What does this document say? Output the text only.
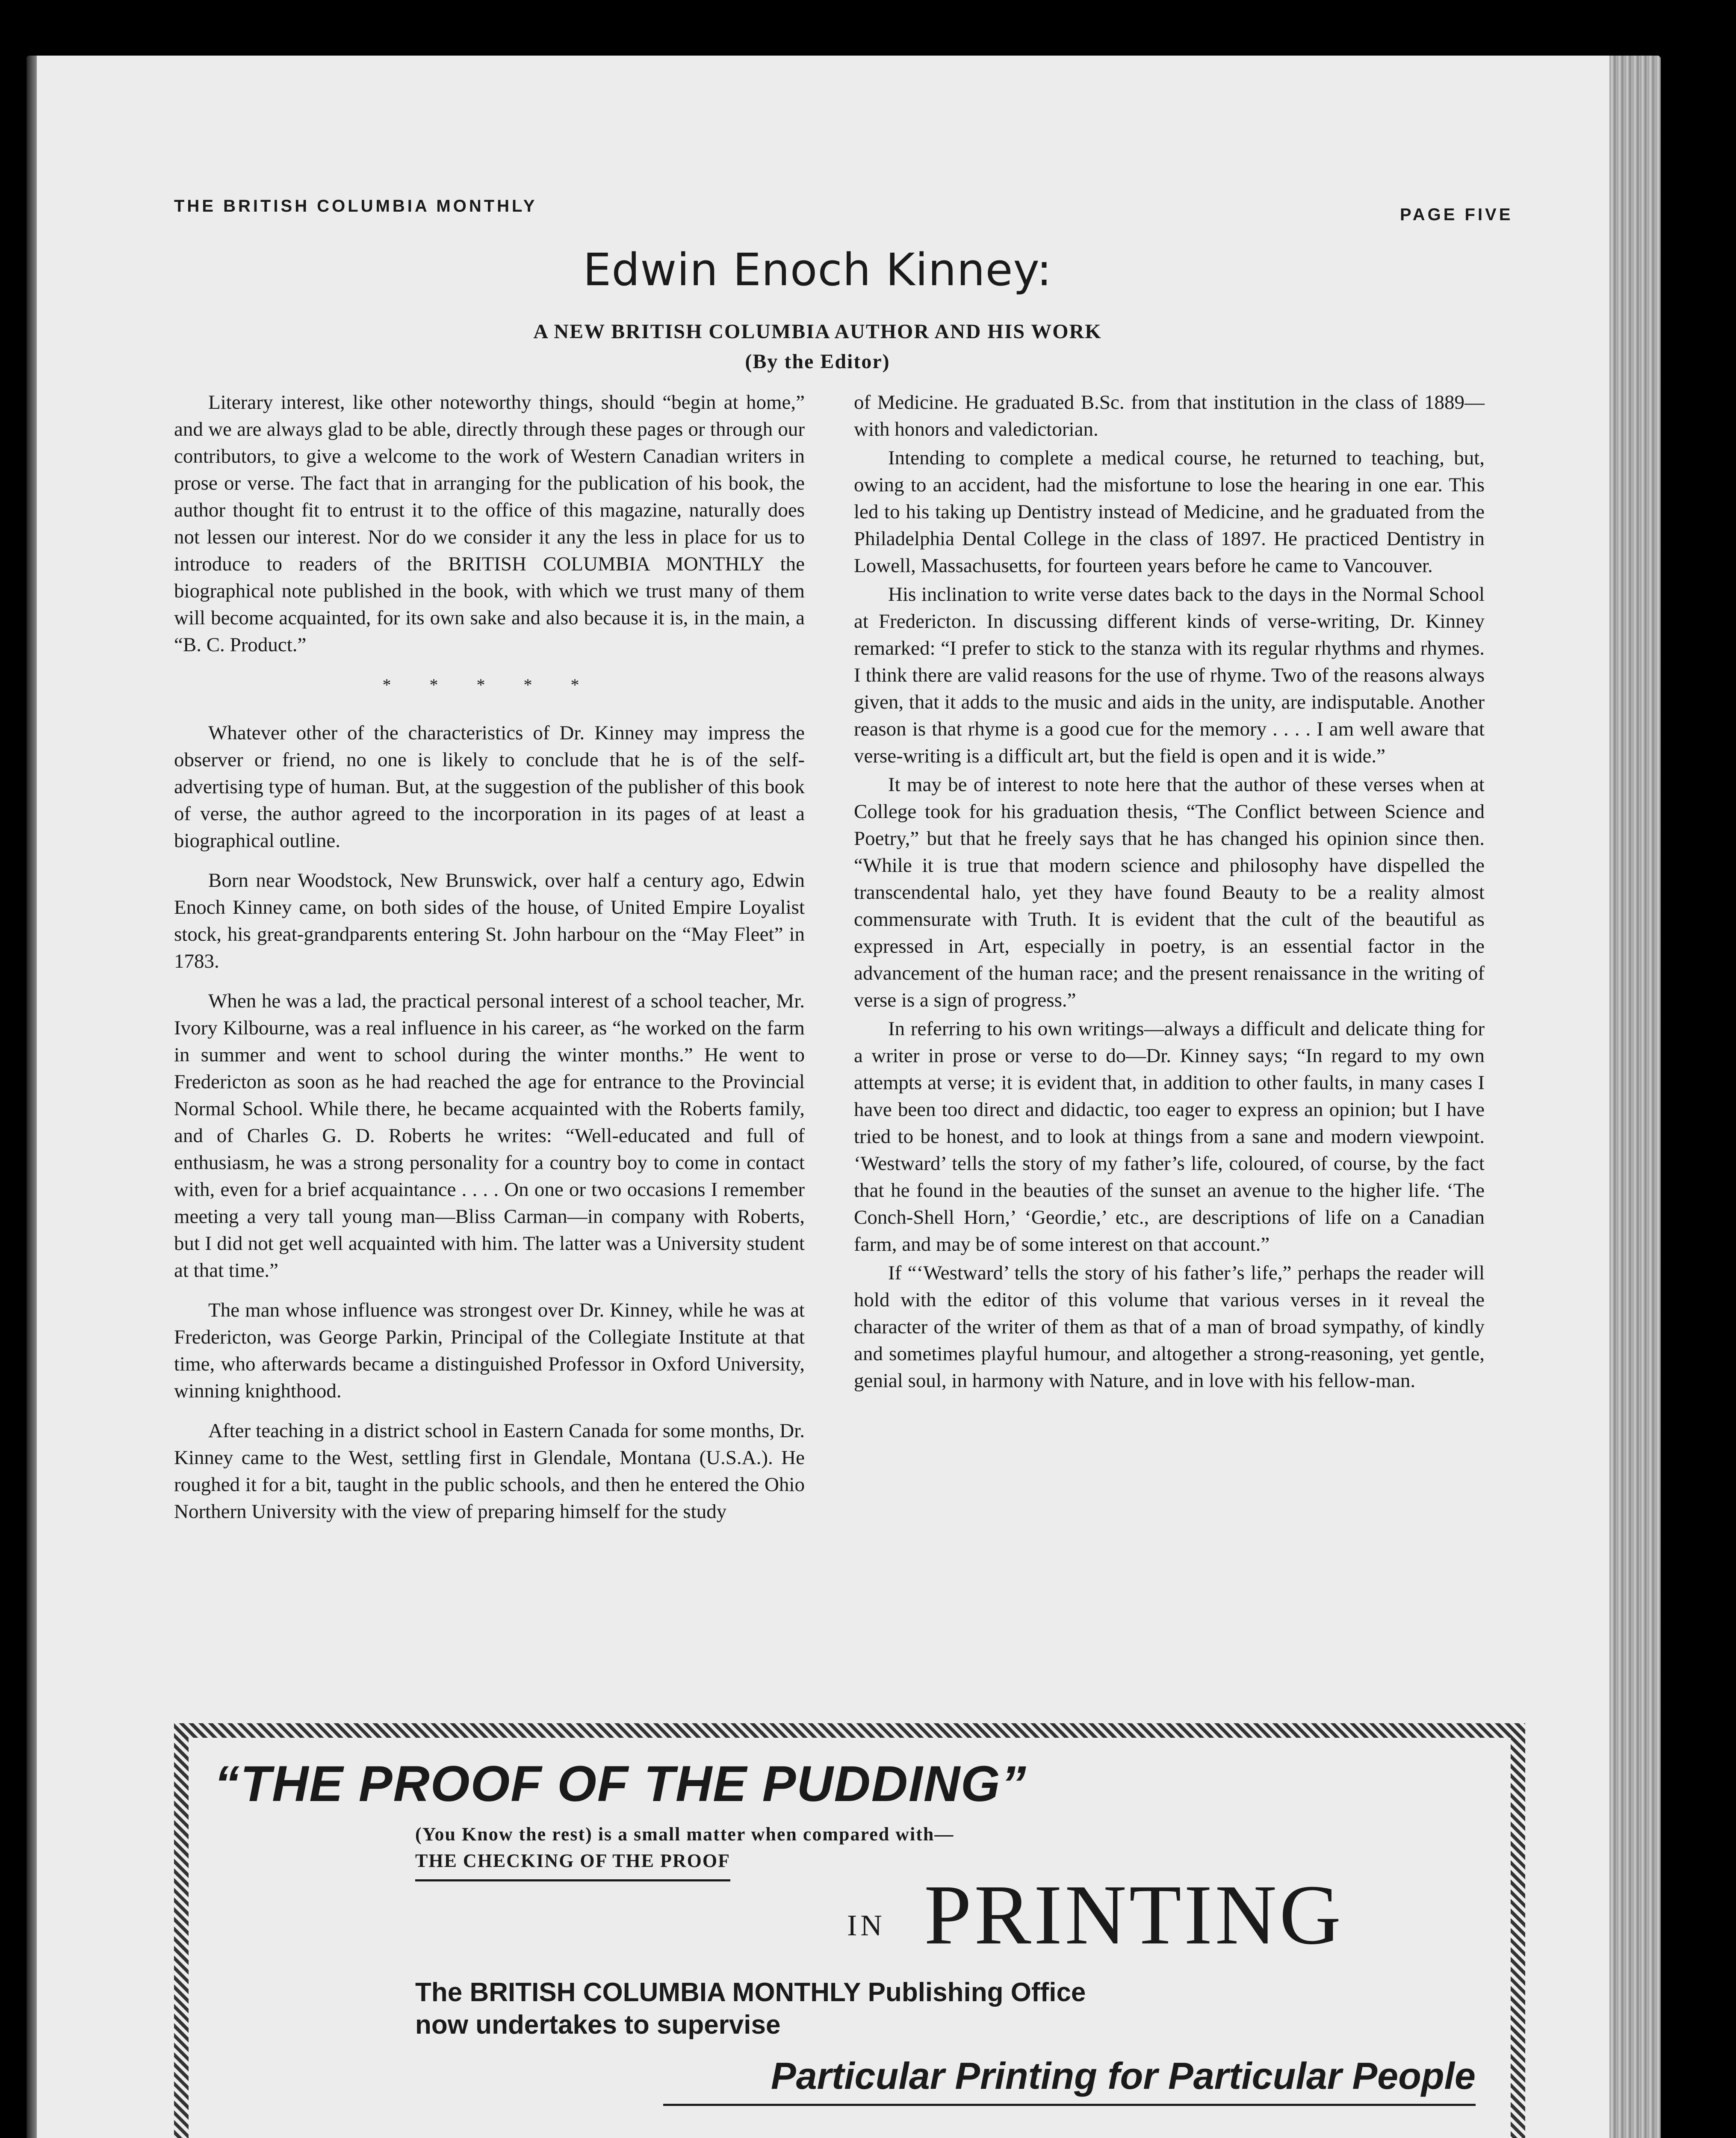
THE BRITISH COLUMBIA MONTHLY	PAGE FIVE
Edwin Enoch Kinney:
A NEW BRITISH COLUMBIA AUTHOR AND HIS WORK
(By the Editor)

Literary interest, like other noteworthy things, should “begin at home,” and we are always glad to be able, directly through these pages or through our contributors, to give a welcome to the work of Western Canadian writers in prose or verse. The fact that in arranging for the publication of his book, the author thought fit to entrust it to the office of this magazine, naturally does not lessen our interest. Nor do we consider it any the less in place for us to introduce to readers of the BRITISH COLUMBIA MONTHLY the biographical note published in the book, with which we trust many of them will become acquainted, for its own sake and also because it is, in the main, a “B. C. Product.”

* * * * *

Whatever other of the characteristics of Dr. Kinney may impress the observer or friend, no one is likely to conclude that he is of the self-advertising type of human. But, at the suggestion of the publisher of this book of verse, the author agreed to the incorporation in its pages of at least a biographical outline.

Born near Woodstock, New Brunswick, over half a century ago, Edwin Enoch Kinney came, on both sides of the house, of United Empire Loyalist stock, his great-grandparents entering St. John harbour on the “May Fleet” in 1783.

When he was a lad, the practical personal interest of a school teacher, Mr. Ivory Kilbourne, was a real influence in his career, as “he worked on the farm in summer and went to school during the winter months.” He went to Fredericton as soon as he had reached the age for entrance to the Provincial Normal School. While there, he became acquainted with the Roberts family, and of Charles G. D. Roberts he writes: “Well-educated and full of enthusiasm, he was a strong personality for a country boy to come in contact with, even for a brief acquaintance . . . . On one or two occasions I remember meeting a very tall young man—Bliss Carman—in company with Roberts, but I did not get well acquainted with him. The latter was a University student at that time.”

The man whose influence was strongest over Dr. Kinney, while he was at Fredericton, was George Parkin, Principal of the Collegiate Institute at that time, who afterwards became a distinguished Professor in Oxford University, winning knighthood.

After teaching in a district school in Eastern Canada for some months, Dr. Kinney came to the West, settling first in Glendale, Montana (U.S.A.). He roughed it for a bit, taught in the public schools, and then he entered the Ohio Northern University with the view of preparing himself for the study

of Medicine. He graduated B.Sc. from that institution in the class of 1889—with honors and valedictorian.

Intending to complete a medical course, he returned to teaching, but, owing to an accident, had the misfortune to lose the hearing in one ear. This led to his taking up Dentistry instead of Medicine, and he graduated from the Philadelphia Dental College in the class of 1897. He practiced Dentistry in Lowell, Massachusetts, for fourteen years before he came to Vancouver.

His inclination to write verse dates back to the days in the Normal School at Fredericton. In discussing different kinds of verse-writing, Dr. Kinney remarked: “I prefer to stick to the stanza with its regular rhythms and rhymes. I think there are valid reasons for the use of rhyme. Two of the reasons always given, that it adds to the music and aids in the unity, are indisputable. Another reason is that rhyme is a good cue for the memory . . . . I am well aware that verse-writing is a difficult art, but the field is open and it is wide.”

It may be of interest to note here that the author of these verses when at College took for his graduation thesis, “The Conflict between Science and Poetry,” but that he freely says that he has changed his opinion since then. “While it is true that modern science and philosophy have dispelled the transcendental halo, yet they have found Beauty to be a reality almost commensurate with Truth. It is evident that the cult of the beautiful as expressed in Art, especially in poetry, is an essential factor in the advancement of the human race; and the present renaissance in the writing of verse is a sign of progress.”

In referring to his own writings—always a difficult and delicate thing for a writer in prose or verse to do—Dr. Kinney says; “In regard to my own attempts at verse; it is evident that, in addition to other faults, in many cases I have been too direct and didactic, too eager to express an opinion; but I have tried to be honest, and to look at things from a sane and modern viewpoint. ‘Westward’ tells the story of my father’s life, coloured, of course, by the fact that he found in the beauties of the sunset an avenue to the higher life. ‘The Conch-Shell Horn,’ ‘Geordie,’ etc., are descriptions of life on a Canadian farm, and may be of some interest on that account.”

If “‘Westward’ tells the story of his father’s life,” perhaps the reader will hold with the editor of this volume that various verses in it reveal the character of the writer of them as that of a man of broad sympathy, of kindly and sometimes playful humour, and altogether a strong-reasoning, yet gentle, genial soul, in harmony with Nature, and in love with his fellow-man.

“THE PROOF OF THE PUDDING”
(You Know the rest) is a small matter when compared with—
THE CHECKING OF THE PROOF
IN PRINTING
The BRITISH COLUMBIA MONTHLY Publishing Office
now undertakes to supervise
Particular Printing for Particular People
